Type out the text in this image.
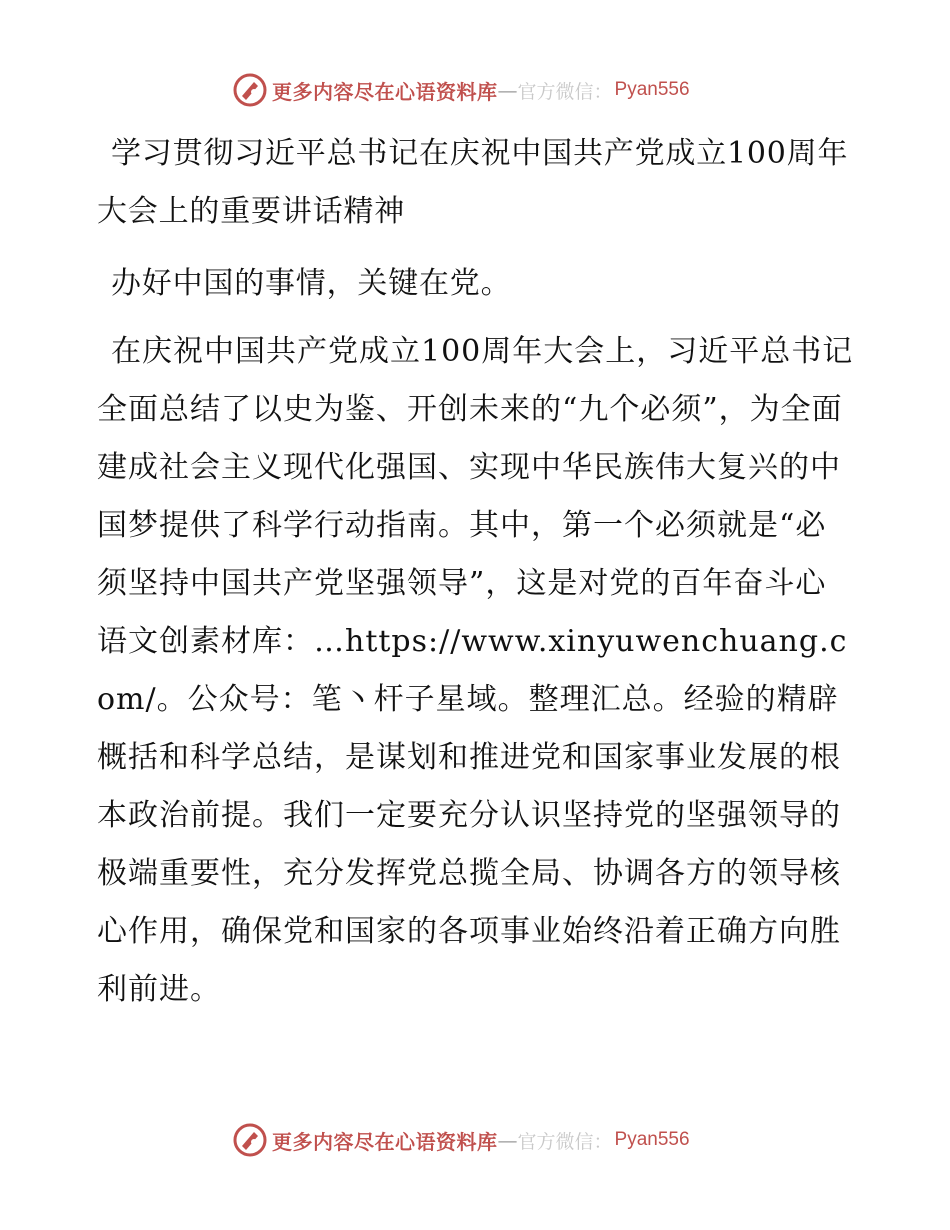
更多内容尽在心语资料库 — 官方微信： Pyan556

学习贯彻习近平总书记在庆祝中国共产党成立100周年大会上的重要讲话精神

办好中国的事情，关键在党。

在庆祝中国共产党成立100周年大会上，习近平总书记全面总结了以史为鉴、开创未来的“九个必须”，为全面建成社会主义现代化强国、实现中华民族伟大复兴的中国梦提供了科学行动指南。其中，第一个必须就是“必须坚持中国共产党坚强领导”，这是对党的百年奋斗心语文创素材库：…https://www.xinyuwenchuang.com/。公众号：笔丶杆子星域。整理汇总。经验的精辟概括和科学总结，是谋划和推进党和国家事业发展的根本政治前提。我们一定要充分认识坚持党的坚强领导的极端重要性，充分发挥党总揽全局、协调各方的领导核心作用，确保党和国家的各项事业始终沿着正确方向胜利前进。

更多内容尽在心语资料库 — 官方微信： Pyan556
